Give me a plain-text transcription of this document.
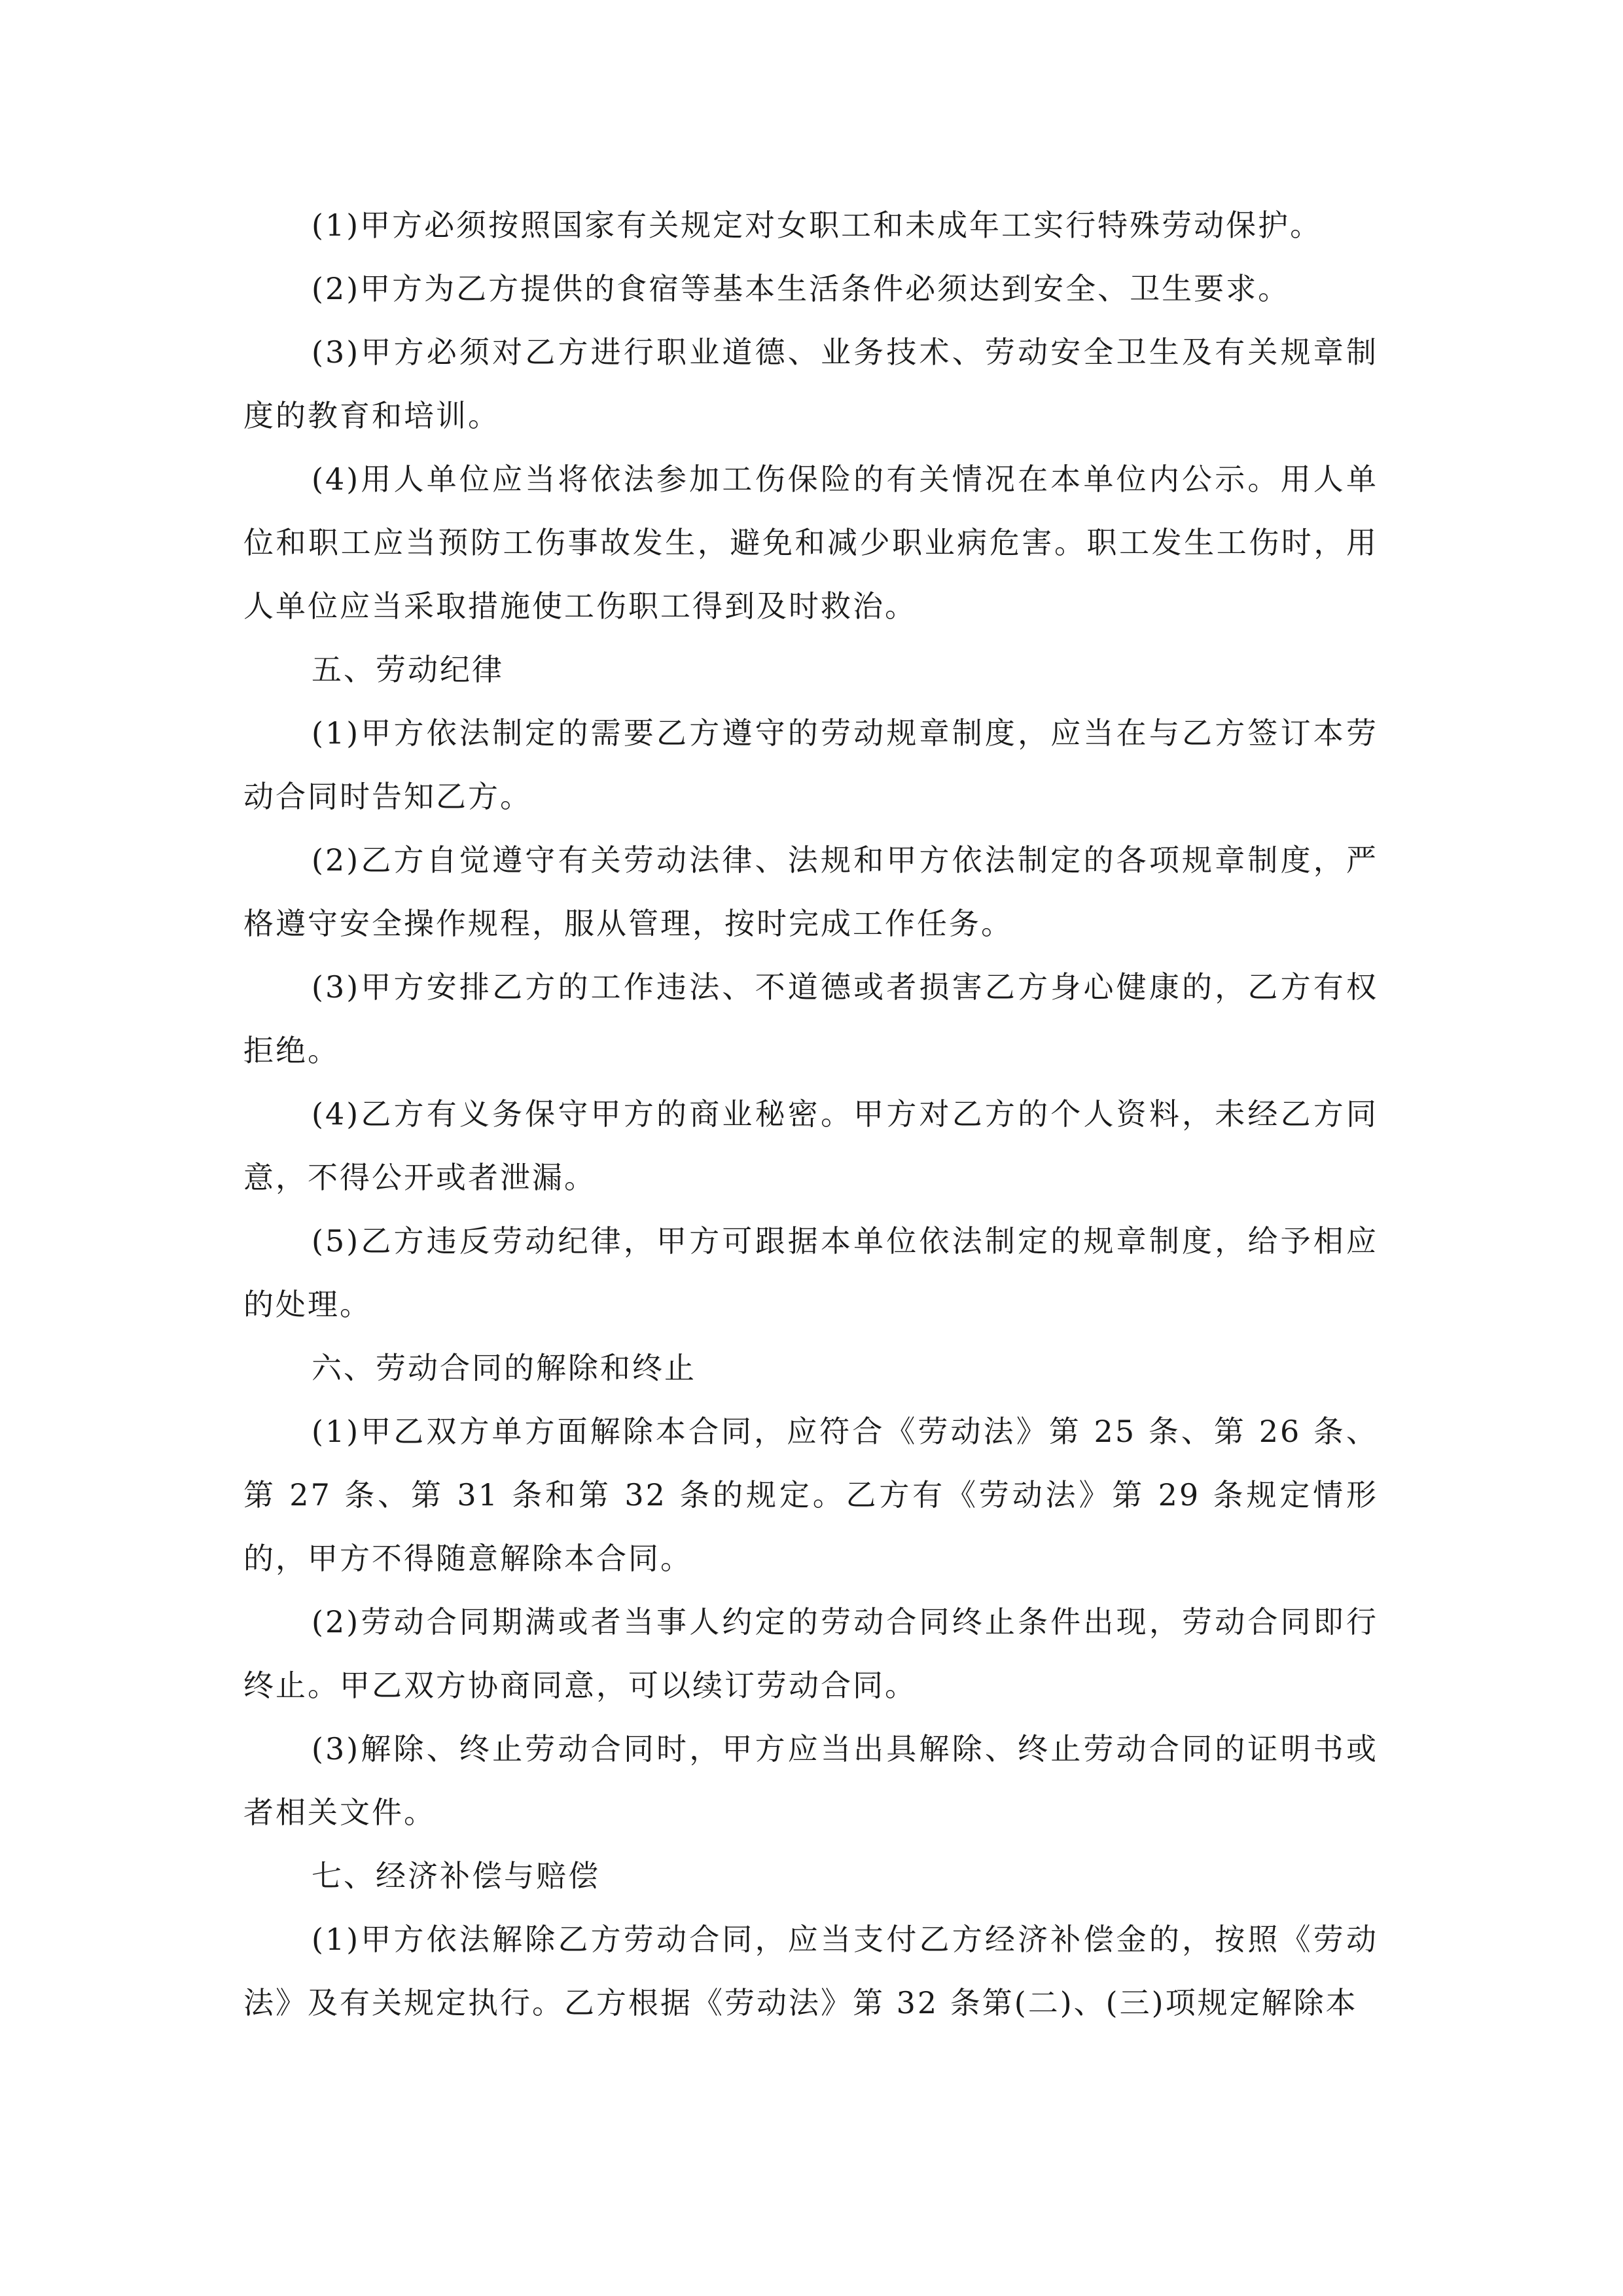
(1)甲方必须按照国家有关规定对女职工和未成年工实行特殊劳动保护。

(2)甲方为乙方提供的食宿等基本生活条件必须达到安全、卫生要求。

(3)甲方必须对乙方进行职业道德、业务技术、劳动安全卫生及有关规章制度的教育和培训。

(4)用人单位应当将依法参加工伤保险的有关情况在本单位内公示。用人单位和职工应当预防工伤事故发生，避免和减少职业病危害。职工发生工伤时，用人单位应当采取措施使工伤职工得到及时救治。

五、劳动纪律

(1)甲方依法制定的需要乙方遵守的劳动规章制度，应当在与乙方签订本劳动合同时告知乙方。

(2)乙方自觉遵守有关劳动法律、法规和甲方依法制定的各项规章制度，严格遵守安全操作规程，服从管理，按时完成工作任务。

(3)甲方安排乙方的工作违法、不道德或者损害乙方身心健康的，乙方有权拒绝。

(4)乙方有义务保守甲方的商业秘密。甲方对乙方的个人资料，未经乙方同意，不得公开或者泄漏。

(5)乙方违反劳动纪律，甲方可跟据本单位依法制定的规章制度，给予相应的处理。

六、劳动合同的解除和终止

(1)甲乙双方单方面解除本合同，应符合《劳动法》第 25 条、第 26 条、第 27 条、第 31 条和第 32 条的规定。乙方有《劳动法》第 29 条规定情形的，甲方不得随意解除本合同。

(2)劳动合同期满或者当事人约定的劳动合同终止条件出现，劳动合同即行终止。甲乙双方协商同意，可以续订劳动合同。

(3)解除、终止劳动合同时，甲方应当出具解除、终止劳动合同的证明书或者相关文件。

七、经济补偿与赔偿

(1)甲方依法解除乙方劳动合同，应当支付乙方经济补偿金的，按照《劳动法》及有关规定执行。乙方根据《劳动法》第 32 条第(二)、(三)项规定解除本
